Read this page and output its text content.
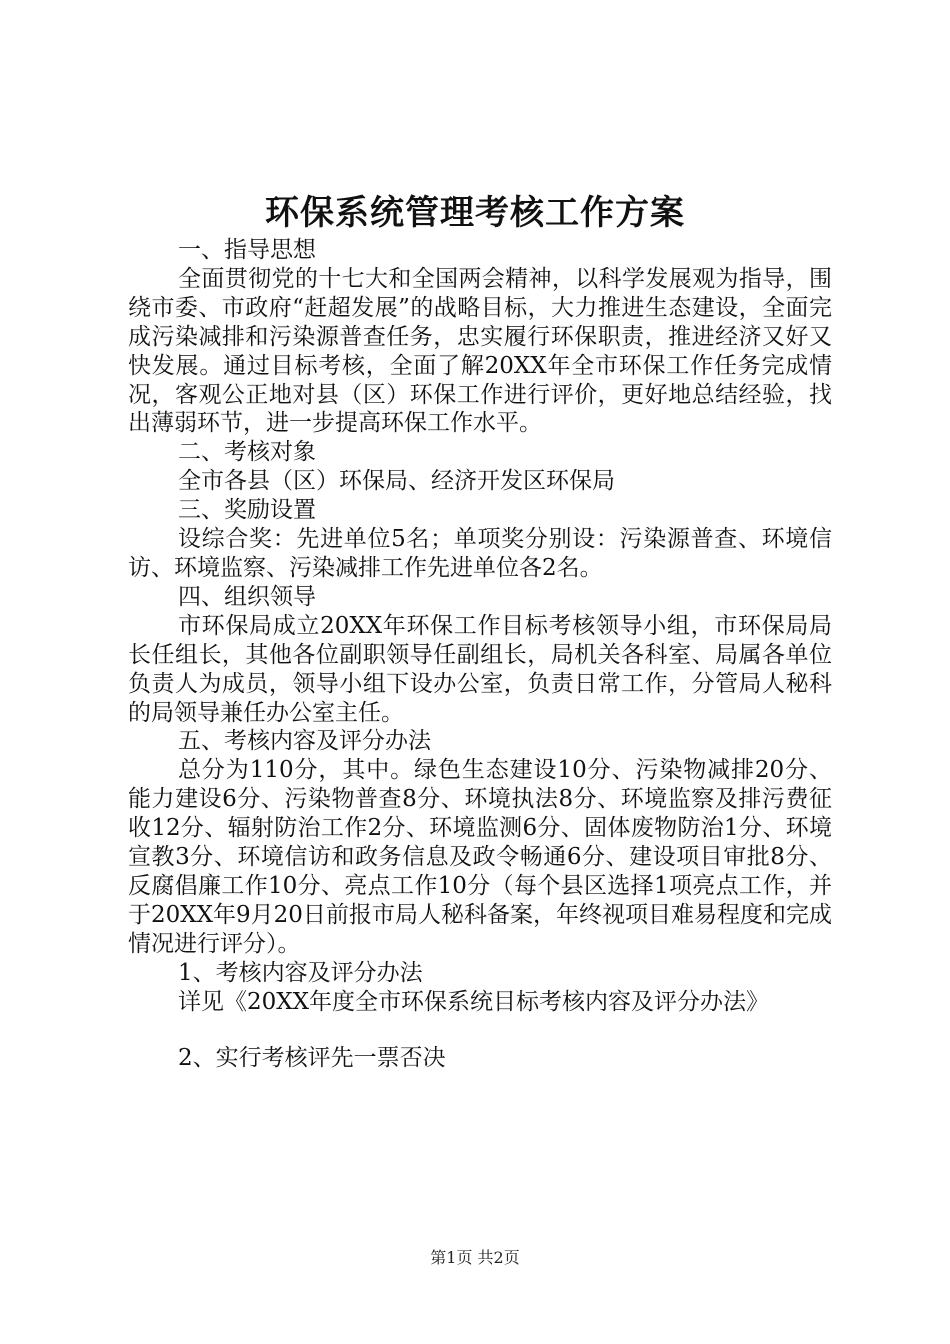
环保系统管理考核工作方案

一、指导思想

全面贯彻党的十七大和全国两会精神，以科学发展观为指导，围绕市委、市政府“赶超发展”的战略目标，大力推进生态建设，全面完成污染减排和污染源普查任务，忠实履行环保职责，推进经济又好又快发展。通过目标考核，全面了解20XX年全市环保工作任务完成情况，客观公正地对县（区）环保工作进行评价，更好地总结经验，找出薄弱环节，进一步提高环保工作水平。

二、考核对象

全市各县（区）环保局、经济开发区环保局

三、奖励设置

设综合奖：先进单位5名；单项奖分别设：污染源普查、环境信访、环境监察、污染减排工作先进单位各2名。

四、组织领导

市环保局成立20XX年环保工作目标考核领导小组，市环保局局长任组长，其他各位副职领导任副组长，局机关各科室、局属各单位负责人为成员，领导小组下设办公室，负责日常工作，分管局人秘科的局领导兼任办公室主任。

五、考核内容及评分办法

总分为110分，其中。绿色生态建设10分、污染物减排20分、能力建设6分、污染物普查8分、环境执法8分、环境监察及排污费征收12分、辐射防治工作2分、环境监测6分、固体废物防治1分、环境宣教3分、环境信访和政务信息及政令畅通6分、建设项目审批8分、反腐倡廉工作10分、亮点工作10分（每个县区选择1项亮点工作，并于20XX年9月20日前报市局人秘科备案，年终视项目难易程度和完成情况进行评分）。

1、考核内容及评分办法

详见《20XX年度全市环保系统目标考核内容及评分办法》

2、实行考核评先一票否决

第1页 共2页
